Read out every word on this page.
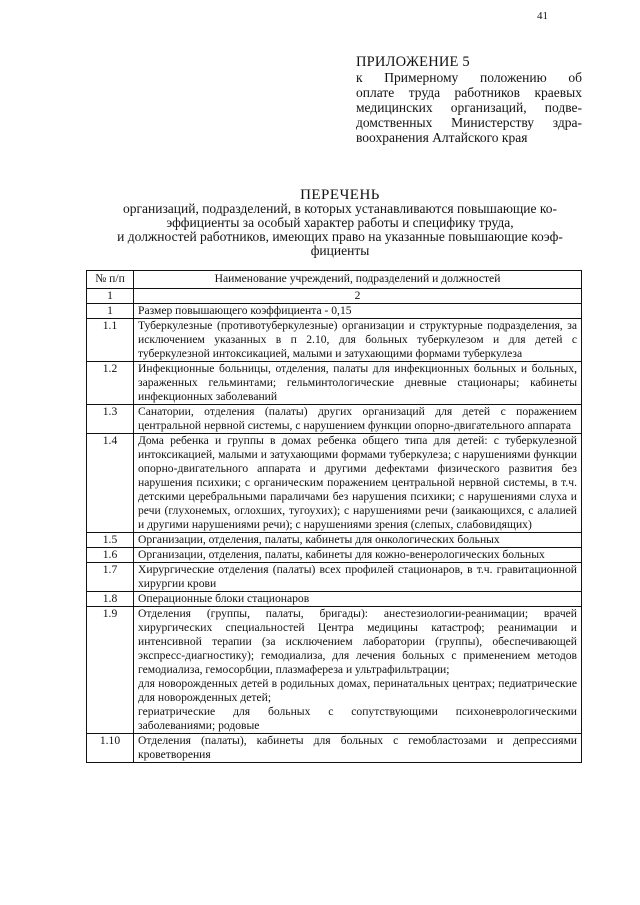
41
ПРИЛОЖЕНИЕ 5
к Примерному положению об
оплате труда работников краевых
медицинских организаций, подве-
домственных Министерству здра-
воохранения Алтайского края
ПЕРЕЧЕНЬ
организаций, подразделений, в которых устанавливаются повышающие ко-
эффициенты за особый характер работы и специфику труда,
и должностей работников, имеющих право на указанные повышающие коэф-
фициенты
№ п/п	Наименование учреждений, подразделений и должностей
1	2
1	Размер повышающего коэффициента - 0,15
1.1	Туберкулезные (противотуберкулезные) организации и структурные подразделения, за исключением указанных в п 2.10, для больных туберкулезом и для детей с туберкулезной интоксикацией, малыми и затухающими формами туберкулеза
1.2	Инфекционные больницы, отделения, палаты для инфекционных больных и больных, зараженных гельминтами; гельминтологические дневные стационары; кабинеты инфекционных заболеваний
1.3	Санатории, отделения (палаты) других организаций для детей с поражением центральной нервной системы, с нарушением функции опорно-двигательного аппарата
1.4	Дома ребенка и группы в домах ребенка общего типа для детей: с туберкулезной интоксикацией, малыми и затухающими формами туберкулеза; с нарушениями функции опорно-двигательного аппарата и другими дефектами физического развития без нарушения психики; с органическим поражением центральной нервной системы, в т.ч. детскими церебральными параличами без нарушения психики; с нарушениями слуха и речи (глухонемых, оглохших, тугоухих); с нарушениями речи (заикающихся, с алалией и другими нарушениями речи); с нарушениями зрения (слепых, слабовидящих)
1.5	Организации, отделения, палаты, кабинеты для онкологических больных
1.6	Организации, отделения, палаты, кабинеты для кожно-венерологических больных
1.7	Хирургические отделения (палаты) всех профилей стационаров, в т.ч. гравитационной хирургии крови
1.8	Операционные блоки стационаров
1.9	Отделения (группы, палаты, бригады): анестезиологии-реанимации; врачей хирургических специальностей Центра медицины катастроф; реанимации и интенсивной терапии (за исключением лаборатории (группы), обеспечивающей экспресс-диагностику); гемодиализа, для лечения больных с применением методов гемодиализа, гемосорбции, плазмафереза и ультрафильтрации;
для новорожденных детей в родильных домах, перинатальных центрах; педиатрические для новорожденных детей;
гериатрические для больных с сопутствующими психоневрологическими заболеваниями; родовые

1.10	Отделения (палаты), кабинеты для больных с гемобластозами и депрессиями кроветворения
